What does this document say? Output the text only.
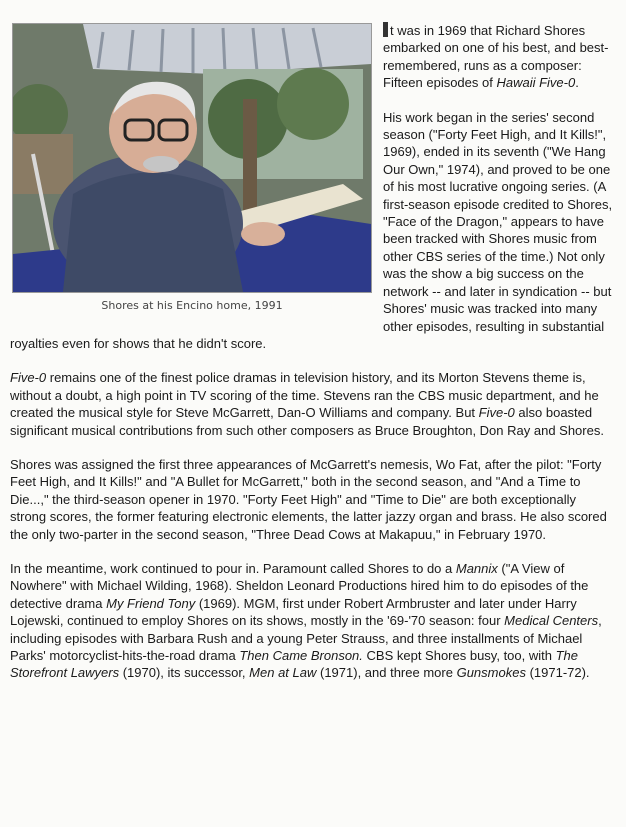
Shores at his Encino home, 1991

t was in 1969 that Richard Shores embarked on one of his best, and best-remembered, runs as a composer: Fifteen episodes of Hawaii Five-0.

His work began in the series' second season ("Forty Feet High, and It Kills!", 1969), ended in its seventh ("We Hang Our Own," 1974), and proved to be one of his most lucrative ongoing series. (A first-season episode credited to Shores, "Face of the Dragon," appears to have been tracked with Shores music from other CBS series of the time.) Not only was the show a big success on the network -- and later in syndication -- but Shores' music was tracked into many other episodes, resulting in substantial royalties even for shows that he didn't score.

Five-0 remains one of the finest police dramas in television history, and its Morton Stevens theme is, without a doubt, a high point in TV scoring of the time. Stevens ran the CBS music department, and he created the musical style for Steve McGarrett, Dan-O Williams and company. But Five-0 also boasted significant musical contributions from such other composers as Bruce Broughton, Don Ray and Shores.

Shores was assigned the first three appearances of McGarrett's nemesis, Wo Fat, after the pilot: "Forty Feet High, and It Kills!" and "A Bullet for McGarrett," both in the second season, and "And a Time to Die...," the third-season opener in 1970. "Forty Feet High" and "Time to Die" are both exceptionally strong scores, the former featuring electronic elements, the latter jazzy organ and brass. He also scored the only two-parter in the second season, "Three Dead Cows at Makapuu," in February 1970.

In the meantime, work continued to pour in. Paramount called Shores to do a Mannix ("A View of Nowhere" with Michael Wilding, 1968). Sheldon Leonard Productions hired him to do episodes of the detective drama My Friend Tony (1969). MGM, first under Robert Armbruster and later under Harry Lojewski, continued to employ Shores on its shows, mostly in the '69-'70 season: four Medical Centers, including episodes with Barbara Rush and a young Peter Strauss, and three installments of Michael Parks' motorcyclist-hits-the-road drama Then Came Bronson. CBS kept Shores busy, too, with The Storefront Lawyers (1970), its successor, Men at Law (1971), and three more Gunsmokes (1971-72).
